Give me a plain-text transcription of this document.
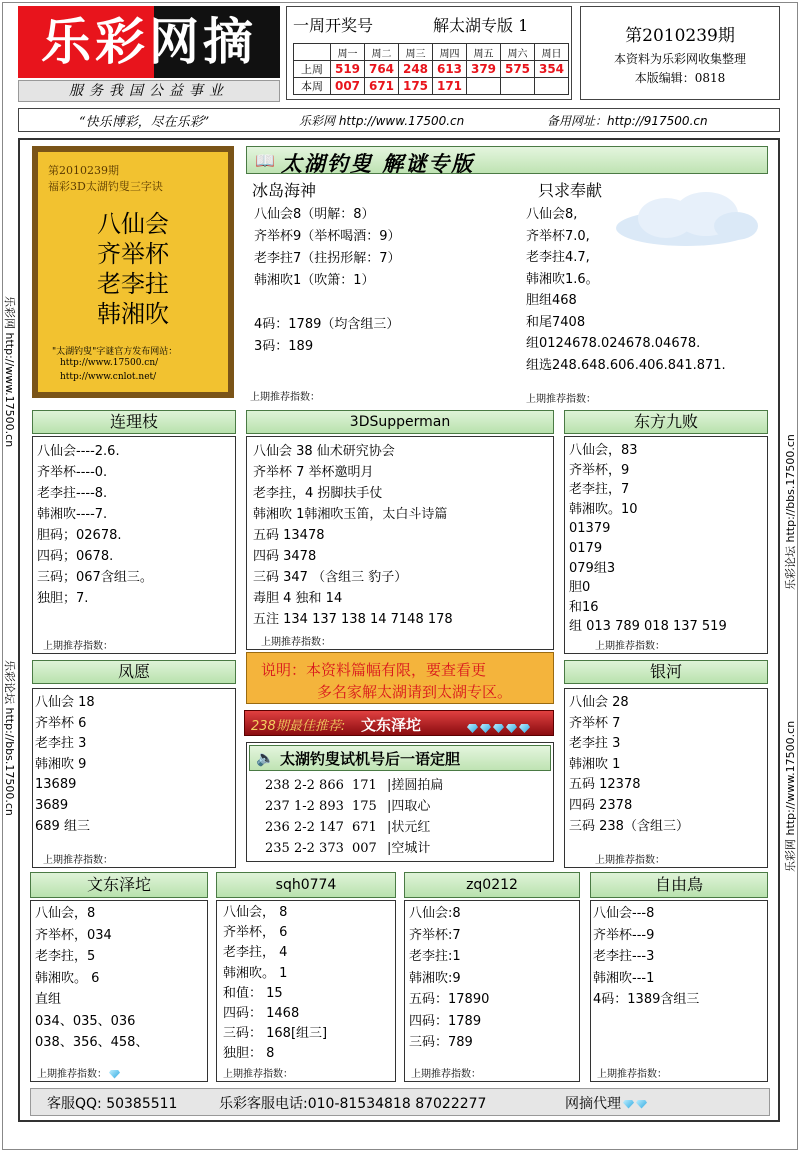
乐彩网摘
服务我国公益事业
一周开奖号	解太湖专版 1
	周一	周二	周三	周四	周五	周六	周日
上周	519	764	248	613	379	575	354
本周	007	671	175	171			
第2010239期
本资料为乐彩网收集整理
本版编辑：0818
“快乐博彩，尽在乐彩”	乐彩网 http://www.17500.cn	备用网址：http://917500.cn
第2010239期
福彩3D太湖钓叟三字诀
八仙会
齐举杯
老李拄
韩湘吹
"太湖钓叟"字谜官方发布网站：
http://www.17500.cn/
http://www.cnlot.net/
📖 太湖钓叟 解谜专版
冰岛海神
八仙会8（明解：8）
齐举杯9（举杯喝酒：9）
老李拄7（拄拐形解：7）
韩湘吹1（吹箫：1）
4码：1789（均含组三）
3码：189
上期推荐指数：
只求奉献
八仙会8,
齐举杯7.0,
老李拄4.7,
韩湘吹1.6。
胆组468
和尾7408
组0124678.024678.04678.
组选248.648.606.406.841.871.
上期推荐指数：
连理枝
八仙会----2.6.
齐举杯----0.
老李拄----8.
韩湘吹----7.
胆码；02678.
四码；0678.
三码；067含组三。
独胆；7.
上期推荐指数：
3DSupperman
八仙会 38 仙术研究协会
齐举杯 7 举杯邀明月
老李拄，4 拐脚扶手仗
韩湘吹 1韩湘吹玉笛，太白斗诗篇
五码 13478
四码 3478
三码 347 （含组三 豹子）
毒胆 4 独和 14
五注 134 137 138 14 7148 178
上期推荐指数：
东方九败
八仙会，83
齐举杯，9
老李拄，7
韩湘吹。10
01379
0179
079组3
胆0
和16
组 013 789 018 137 519
上期推荐指数：
说明：本资料篇幅有限，要查看更
多名家解太湖请到太湖专区。
238期最佳推荐: 文东泽坨
凤愿
八仙会 18
齐举杯 6
老李拄 3
韩湘吹 9
13689
3689
689 组三
上期推荐指数：
银河
八仙会 28
齐举杯 7
老李拄 3
韩湘吹 1
五码 12378
四码 2378
三码 238（含组三）
上期推荐指数：
🔈 太湖钓叟试机号后一语定胆
238 2-2 866 171 |搓圆拍扁
237 1-2 893 175 |四取心
236 2-2 147 671 |状元红
235 2-2 373 007 |空城计
文东泽坨
八仙会，8
齐举杯，034
老李拄，5
韩湘吹。 6
直组
034、035、036
038、356、458、
上期推荐指数：
sqh0774
八仙会， 8
齐举杯， 6
老李拄， 4
韩湘吹。 1
和值： 15
四码： 1468
三码： 168[组三]
独胆： 8
上期推荐指数：
zq0212
八仙会:8
齐举杯:7
老李拄:1
韩湘吹:9
五码：17890
四码：1789
三码：789
上期推荐指数：
自由鳥
八仙会---8
齐举杯---9
老李拄---3
韩湘吹---1
4码：1389含组三
上期推荐指数：
客服QQ: 50385511	乐彩客服电话:010-81534818 87022277	网摘代理
乐彩网 http://www.17500.cn
乐彩论坛 http://bbs.17500.cn
乐彩论坛 http://bbs.17500.cn
乐彩网 http://www.17500.cn
